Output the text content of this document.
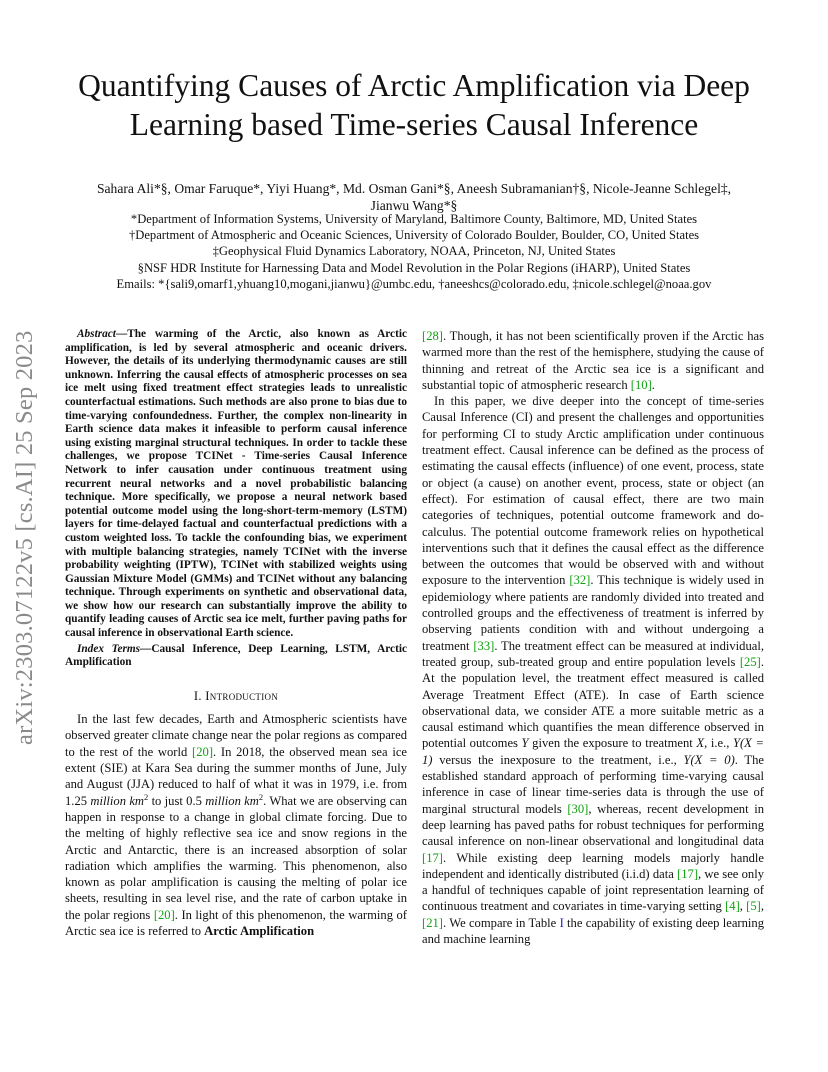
arXiv:2303.07122v5 [cs.AI] 25 Sep 2023
Quantifying Causes of Arctic Amplification via Deep Learning based Time-series Causal Inference
Sahara Ali*§, Omar Faruque*, Yiyi Huang*, Md. Osman Gani*§, Aneesh Subramanian†§, Nicole-Jeanne Schlegel‡,
Jianwu Wang*§
*Department of Information Systems, University of Maryland, Baltimore County, Baltimore, MD, United States
†Department of Atmospheric and Oceanic Sciences, University of Colorado Boulder, Boulder, CO, United States
‡Geophysical Fluid Dynamics Laboratory, NOAA, Princeton, NJ, United States
§NSF HDR Institute for Harnessing Data and Model Revolution in the Polar Regions (iHARP), United States
Emails: *{sali9,omarf1,yhuang10,mogani,jianwu}@umbc.edu, †aneeshcs@colorado.edu, ‡nicole.schlegel@noaa.gov

Abstract—The warming of the Arctic, also known as Arctic amplification, is led by several atmospheric and oceanic drivers. However, the details of its underlying thermodynamic causes are still unknown. Inferring the causal effects of atmospheric processes on sea ice melt using fixed treatment effect strategies leads to unrealistic counterfactual estimations. Such methods are also prone to bias due to time-varying confoundedness. Further, the complex non-linearity in Earth science data makes it infeasible to perform causal inference using existing marginal structural techniques. In order to tackle these challenges, we propose TCINet - Time-series Causal Inference Network to infer causation under continuous treatment using recurrent neural networks and a novel probabilistic balancing technique. More specifically, we propose a neural network based potential outcome model using the long-short-term-memory (LSTM) layers for time-delayed factual and counterfactual predictions with a custom weighted loss. To tackle the confounding bias, we experiment with multiple balancing strategies, namely TCINet with the inverse probability weighting (IPTW), TCINet with stabilized weights using Gaussian Mixture Model (GMMs) and TCINet without any balancing technique. Through experiments on synthetic and observational data, we show how our research can substantially improve the ability to quantify leading causes of Arctic sea ice melt, further paving paths for causal inference in observational Earth science.

Index Terms—Causal Inference, Deep Learning, LSTM, Arctic Amplification

I. Introduction

In the last few decades, Earth and Atmospheric scientists have observed greater climate change near the polar regions as compared to the rest of the world [20]. In 2018, the observed mean sea ice extent (SIE) at Kara Sea during the summer months of June, July and August (JJA) reduced to half of what it was in 1979, i.e. from 1.25 million $km^2$ to just 0.5 million $km^2$. What we are observing can happen in response to a change in global climate forcing. Due to the melting of highly reflective sea ice and snow regions in the Arctic and Antarctic, there is an increased absorption of solar radiation which amplifies the warming. This phenomenon, also known as polar amplification is causing the melting of polar ice sheets, resulting in sea level rise, and the rate of carbon uptake in the polar regions [20]. In light of this phenomenon, the warming of Arctic sea ice is referred to Arctic Amplification

[28]. Though, it has not been scientifically proven if the Arctic has warmed more than the rest of the hemisphere, studying the cause of thinning and retreat of the Arctic sea ice is a significant and substantial topic of atmospheric research [10].

In this paper, we dive deeper into the concept of time-series Causal Inference (CI) and present the challenges and opportunities for performing CI to study Arctic amplification under continuous treatment effect. Causal inference can be defined as the process of estimating the causal effects (influence) of one event, process, state or object (a cause) on another event, process, state or object (an effect). For estimation of causal effect, there are two main categories of techniques, potential outcome framework and do-calculus. The potential outcome framework relies on hypothetical interventions such that it defines the causal effect as the difference between the outcomes that would be observed with and without exposure to the intervention [32]. This technique is widely used in epidemiology where patients are randomly divided into treated and controlled groups and the effectiveness of treatment is inferred by observing patients condition with and without undergoing a treatment [33]. The treatment effect can be measured at individual, treated group, sub-treated group and entire population levels [25]. At the population level, the treatment effect measured is called Average Treatment Effect (ATE). In case of Earth science observational data, we consider ATE a more suitable metric as a causal estimand which quantifies the mean difference observed in potential outcomes Y given the exposure to treatment X, i.e., Y(X = 1) versus the inexposure to the treatment, i.e., Y(X = 0). The established standard approach of performing time-varying causal inference in case of linear time-series data is through the use of marginal structural models [30], whereas, recent development in deep learning has paved paths for robust techniques for performing causal inference on non-linear observational and longitudinal data [17]. While existing deep learning models majorly handle independent and identically distributed (i.i.d) data [17], we see only a handful of techniques capable of joint representation learning of continuous treatment and covariates in time-varying setting [4], [5], [21]. We compare in Table I the capability of existing deep learning and machine learning
